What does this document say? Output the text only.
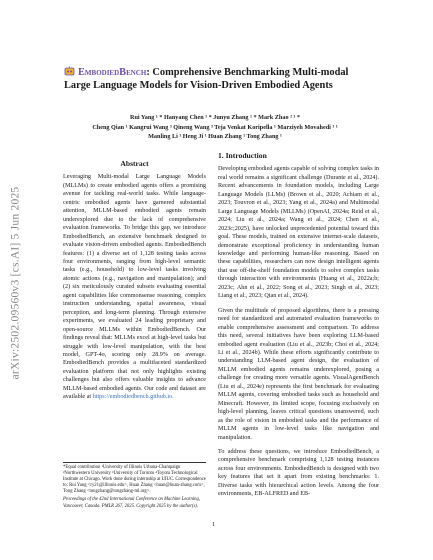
arXiv:2502.09560v3 [cs.AI] 5 Jun 2025
EmbodiedBench: Comprehensive Benchmarking Multi-modal Large Language Models for Vision-Driven Embodied Agents
Rui Yang ¹ * Hanyang Chen ¹ * Junyu Zhang ¹ * Mark Zhao ² ¹ *
Cheng Qian ¹ Kangrui Wang ³ Qineng Wang ³ Teja Venkat Koripella ¹ Marziyeh Movahedi ¹ ¹
Manling Li ³ Heng Ji ¹ Huan Zhang ¹ Tong Zhang ¹
Abstract

Leveraging Multi-modal Large Language Models (MLLMs) to create embodied agents offers a promising avenue for tackling real-world tasks. While language-centric embodied agents have garnered substantial attention, MLLM-based embodied agents remain underexplored due to the lack of comprehensive evaluation frameworks. To bridge this gap, we introduce EmbodiedBench, an extensive benchmark designed to evaluate vision-driven embodied agents. EmbodiedBench features: (1) a diverse set of 1,128 testing tasks across four environments, ranging from high-level semantic tasks (e.g., household) to low-level tasks involving atomic actions (e.g., navigation and manipulation); and (2) six meticulously curated subsets evaluating essential agent capabilities like commonsense reasoning, complex instruction understanding, spatial awareness, visual perception, and long-term planning. Through extensive experiments, we evaluated 24 leading proprietary and open-source MLLMs within EmbodiedBench. Our findings reveal that: MLLMs excel at high-level tasks but struggle with low-level manipulation, with the best model, GPT-4o, scoring only 28.9% on average. EmbodiedBench provides a multifaceted standardized evaluation platform that not only highlights existing challenges but also offers valuable insights to advance MLLM-based embodied agents. Our code and dataset are available at https://embodiedbench.github.io.

*Equal contribution ¹University of Illinois Urbana-Champaign ²Northwestern University ³University of Toronto ⁴Toyota Technological Institute at Chicago. Work done during internship at UIUC. Correspondence to: Rui Yang <ry21@illinois.edu>, Huan Zhang <huan@huan-zhang.com>, Tong Zhang <tongzhang@tongzhang-ml.org>.

Proceedings of the 42nd International Conference on Machine Learning, Vancouver, Canada. PMLR 267, 2025. Copyright 2025 by the author(s).

1. Introduction

Developing embodied agents capable of solving complex tasks in real world remains a significant challenge (Durante et al., 2024). Recent advancements in foundation models, including Large Language Models (LLMs) (Brown et al., 2020; Achiam et al., 2023; Touvron et al., 2023; Yang et al., 2024a) and Multimodal Large Language Models (MLLMs) (OpenAI, 2024a; Reid et al., 2024; Liu et al., 2024a; Wang et al., 2024; Chen et al., 2023c;2025), have unlocked unprecedented potential toward this goal. These models, trained on extensive internet-scale datasets, demonstrate exceptional proficiency in understanding human knowledge and performing human-like reasoning. Based on these capabilities, researchers can now design intelligent agents that use off-the-shelf foundation models to solve complex tasks through interaction with environments (Huang et al., 2022a;b; 2023c; Ahn et al., 2022; Song et al., 2023; Singh et al., 2023; Liang et al., 2023; Qian et al., 2024).

Given the multitude of proposed algorithms, there is a pressing need for standardized and automated evaluation frameworks to enable comprehensive assessment and comparison. To address this need, several initiatives have been exploring LLM-based embodied agent evaluation (Liu et al., 2023b; Choi et al., 2024; Li et al., 2024b). While these efforts significantly contribute to understanding LLM-based agent design, the evaluation of MLLM embodied agents remains underexplored, posing a challenge for creating more versatile agents. VisualAgentBench (Liu et al., 2024e) represents the first benchmark for evaluating MLLM agents, covering embodied tasks such as household and Minecraft. However, its limited scope, focusing exclusively on high-level planning, leaves critical questions unanswered, such as the role of vision in embodied tasks and the performance of MLLM agents in low-level tasks like navigation and manipulation.

To address these questions, we introduce EmbodiedBench, a comprehensive benchmark comprising 1,128 testing instances across four environments. EmbodiedBench is designed with two key features that set it apart from existing benchmarks: 1. Diverse tasks with hierarchical action levels. Among the four environments, EB-ALFRED and EB-

1
